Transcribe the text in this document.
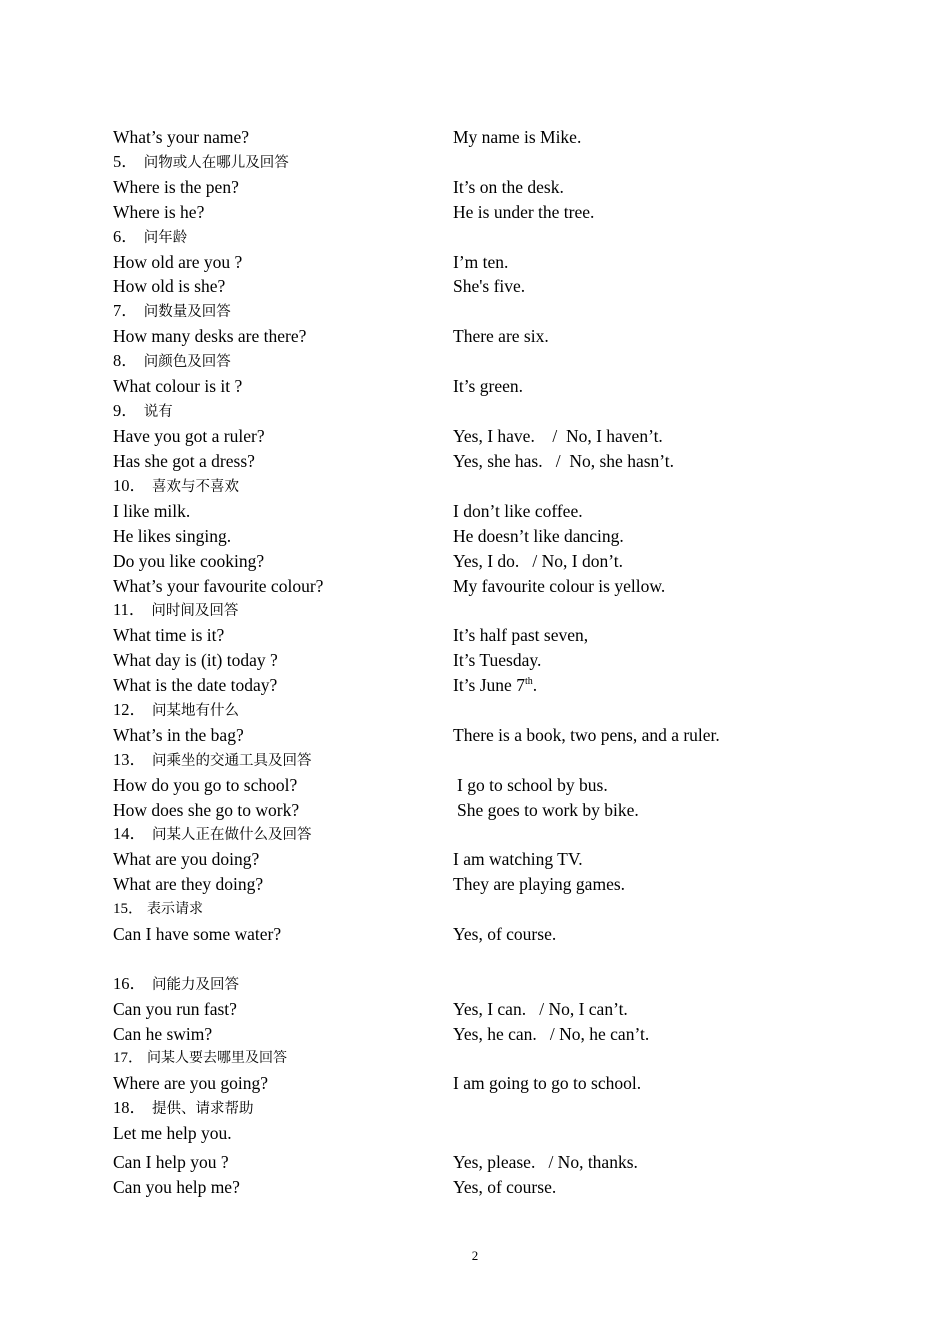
What’s your name?	My name is Mike.
5． 问物或人在哪儿及回答
Where is the pen?	It’s on the desk.
Where is he?	He is under the tree.
6． 问年龄
How old are you ?	I’m ten.
How old is she?	She's five.
7． 问数量及回答
How many desks are there?	There are six.
8． 问颜色及回答
What colour is it ?	It’s green.
9． 说有
Have you got a ruler?	Yes, I have.    /  No, I haven’t.
Has she got a dress?	Yes, she has.   /  No, she hasn’t.
10． 喜欢与不喜欢
I like milk.	I don’t like coffee.
He likes singing.	He doesn’t like dancing.
Do you like cooking?	Yes, I do.   / No, I don’t.
What’s your favourite colour?	My favourite colour is yellow.
11． 问时间及回答
What time is it?	It’s half past seven,
What day is (it) today ?	It’s Tuesday.
What is the date today?	It’s June 7th.
12． 问某地有什么
What’s in the bag?	There is a book, two pens, and a ruler.
13． 问乘坐的交通工具及回答
How do you go to school?	I go to school by bus.
How does she go to work?	She goes to work by bike.
14． 问某人正在做什么及回答
What are you doing?	I am watching TV.
What are they doing?	They are playing games.
15． 表示请求
Can I have some water?	Yes, of course.
16． 问能力及回答
Can you run fast?	Yes, I can.   / No, I can’t.
Can he swim?	Yes, he can.   / No, he can’t.
17． 问某人要去哪里及回答
Where are you going?	I am going to go to school.
18． 提供、请求帮助
Let me help you.
Can I help you ?	Yes, please.   / No, thanks.
Can you help me?	Yes, of course.
2
